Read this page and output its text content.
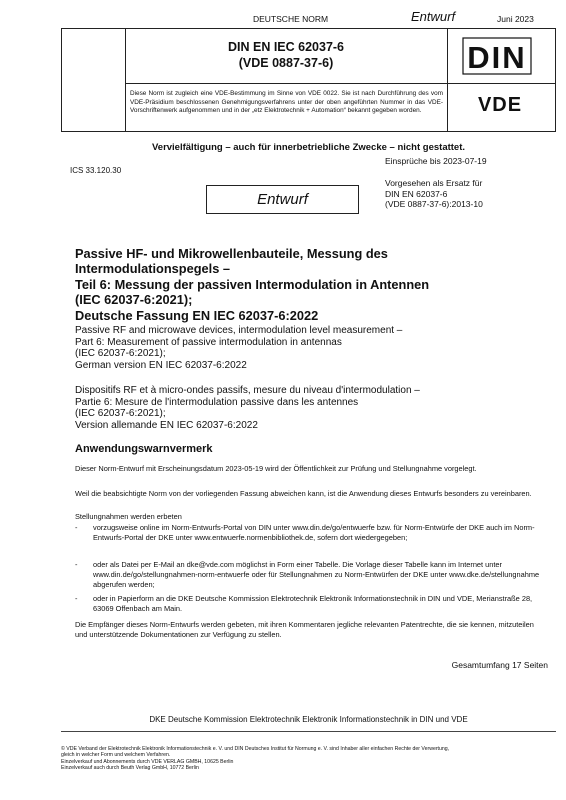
DEUTSCHE NORM	Entwurf	Juni 2023
DIN EN IEC 62037-6
(VDE 0887-37-6)	DIN
Diese Norm ist zugleich eine VDE-Bestimmung im Sinne von VDE 0022. Sie ist nach Durchführung des vom VDE-Präsidium beschlossenen Genehmigungsverfahrens unter der oben angeführten Nummer in das VDE-Vorschriftenwerk aufgenommen und in der „etz Elektrotechnik + Automation“ bekannt gegeben worden.	VDE
Vervielfältigung – auch für innerbetriebliche Zwecke – nicht gestattet.
ICS 33.120.30
Einsprüche bis 2023-07-19
Vorgesehen als Ersatz für
DIN EN 62037-6
(VDE 0887-37-6):2013-10
Entwurf
Passive HF- und Mikrowellenbauteile, Messung des
Intermodulationspegels –
Teil 6: Messung der passiven Intermodulation in Antennen
(IEC 62037-6:2021);
Deutsche Fassung EN IEC 62037-6:2022
Passive RF and microwave devices, intermodulation level measurement –
Part 6: Measurement of passive intermodulation in antennas
(IEC 62037-6:2021);
German version EN IEC 62037-6:2022
Dispositifs RF et à micro-ondes passifs, mesure du niveau d'intermodulation –
Partie 6: Mesure de l'intermodulation passive dans les antennes
(IEC 62037-6:2021);
Version allemande EN IEC 62037-6:2022
Anwendungswarnvermerk
Dieser Norm-Entwurf mit Erscheinungsdatum 2023-05-19 wird der Öffentlichkeit zur Prüfung und Stellungnahme vorgelegt.
Weil die beabsichtigte Norm von der vorliegenden Fassung abweichen kann, ist die Anwendung dieses Entwurfs besonders zu vereinbaren.
Stellungnahmen werden erbeten
- vorzugsweise online im Norm-Entwurfs-Portal von DIN unter www.din.de/go/entwuerfe bzw. für Norm-Entwürfe der DKE auch im Norm-Entwurfs-Portal der DKE unter www.entwuerfe.normenbibliothek.de, sofern dort wiedergegeben;
- oder als Datei per E-Mail an dke@vde.com möglichst in Form einer Tabelle. Die Vorlage dieser Tabelle kann im Internet unter www.din.de/go/stellungnahmen-norm-entwuerfe oder für Stellungnahmen zu Norm-Entwürfen der DKE unter www.dke.de/stellungnahme abgerufen werden;
- oder in Papierform an die DKE Deutsche Kommission Elektrotechnik Elektronik Informationstechnik in DIN und VDE, Merianstraße 28, 63069 Offenbach am Main.
Die Empfänger dieses Norm-Entwurfs werden gebeten, mit ihren Kommentaren jegliche relevanten Patentrechte, die sie kennen, mitzuteilen und unterstützende Dokumentationen zur Verfügung zu stellen.
Gesamtumfang 17 Seiten
DKE Deutsche Kommission Elektrotechnik Elektronik Informationstechnik in DIN und VDE
© VDE Verband der Elektrotechnik Elektronik Informationstechnik e. V. und DIN Deutsches Institut für Normung e. V. sind Inhaber aller einfachen Rechte der Verwertung,
gleich in welcher Form und welchem Verfahren.
Einzelverkauf und Abonnements durch VDE VERLAG GMBH, 10625 Berlin
Einzelverkauf auch durch Beuth Verlag GmbH, 10772 Berlin
